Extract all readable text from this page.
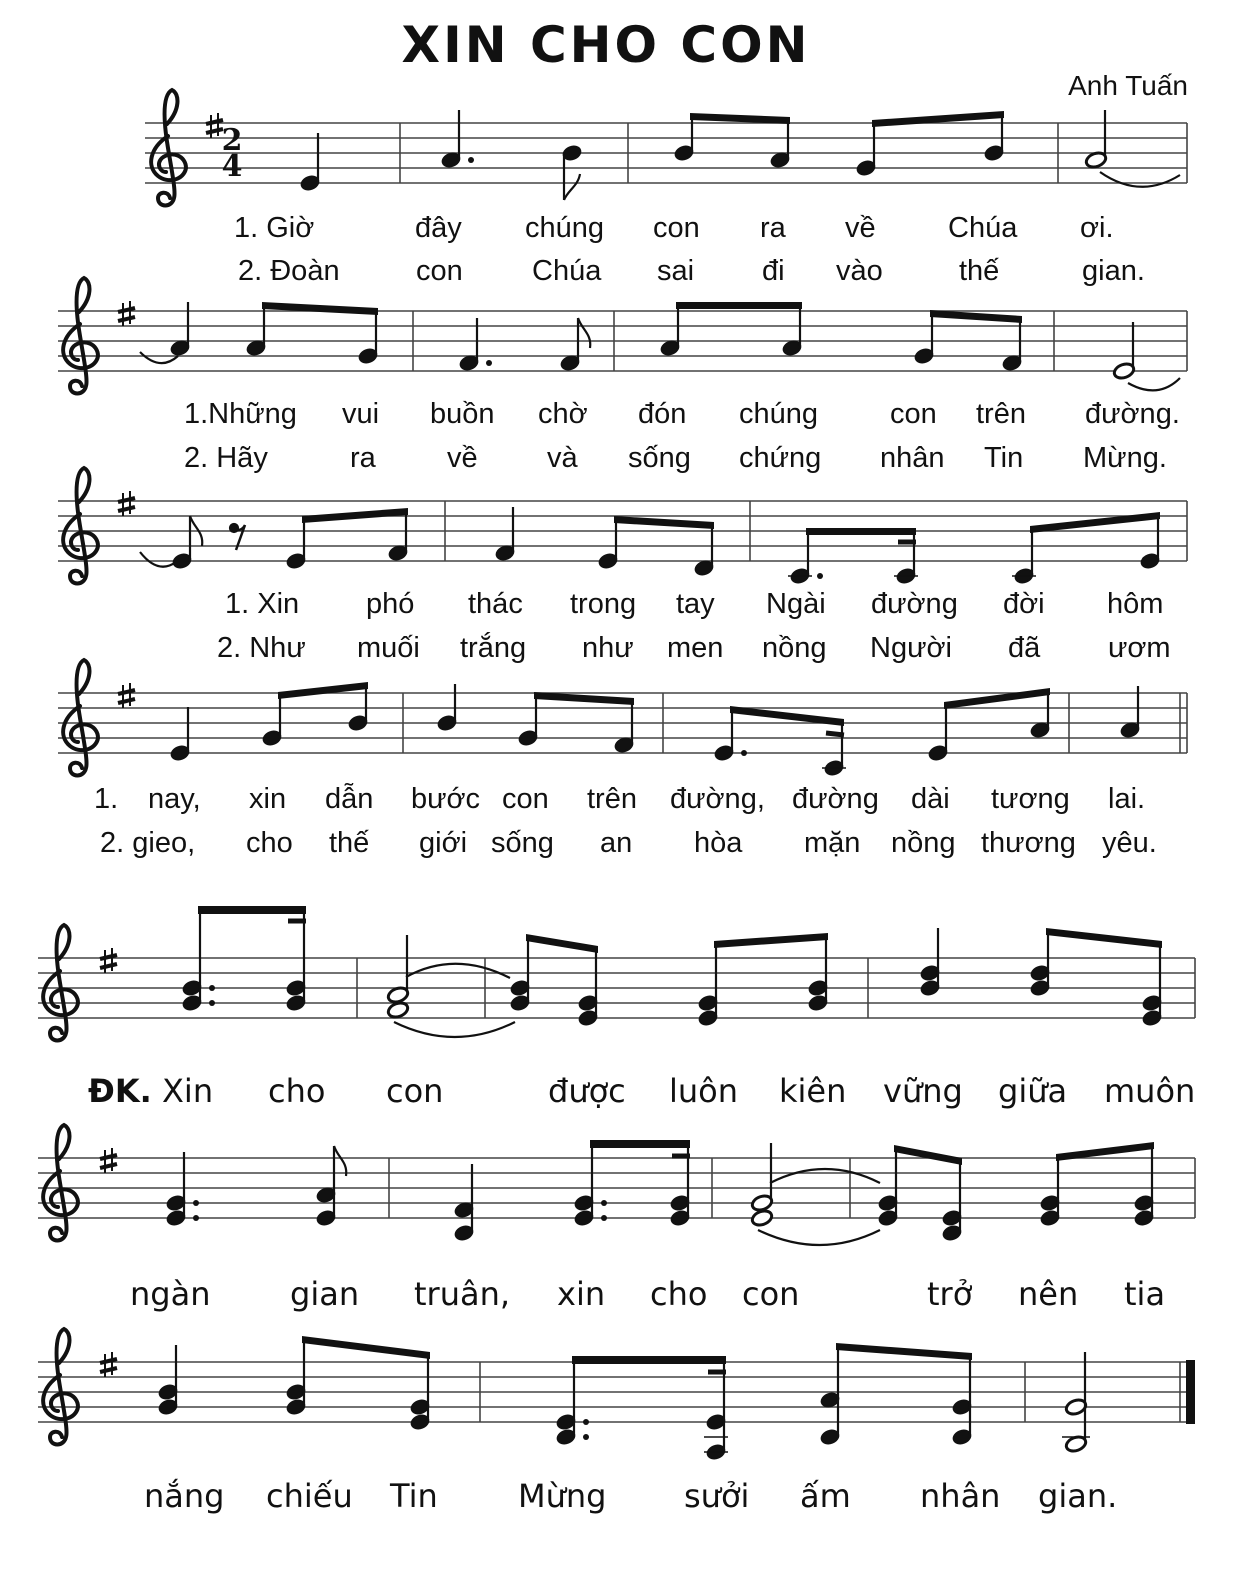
XIN CHO CON
Anh Tuấn
2
4
1. Giờ	đây chúng con ra về Chúa ơi.
2. Đoàn	con Chúa sai đi vào	thế	gian.
1.Những vui buồn chờ đón chúng con trên đường.
2. Hãy	ra về và sống chứng nhân Tin Mừng.
1. Xin phó thác trong tay Ngài đường đời hôm
2. Như muối trắng như men nồng Người đã ươm
1. nay, xin dẫn bước con trên đường, đường dài tương lai.
2. gieo, cho thế giới sống an hòa mặn nồng thương yêu.
ĐK. Xin cho con	được luôn kiên vững giữa muôn
ngàn gian truân, xin cho con	trở nên tia
nắng chiếu Tin	Mừng sưởi ấm nhân gian.
